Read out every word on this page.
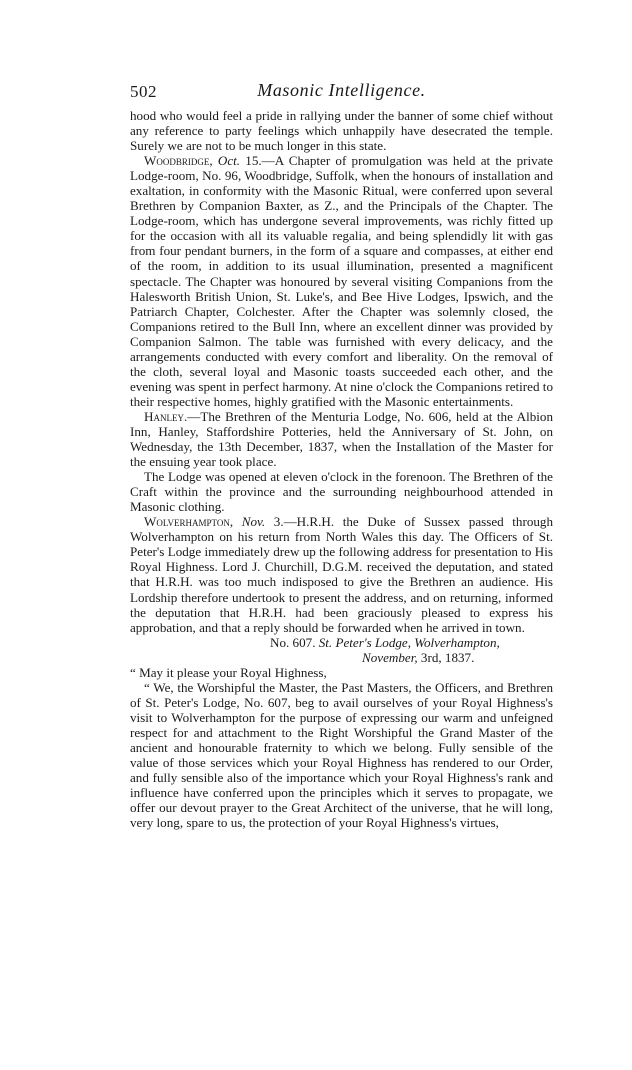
502	Masonic Intelligence.

hood who would feel a pride in rallying under the banner of some chief without any reference to party feelings which unhappily have desecrated the temple. Surely we are not to be much longer in this state.

Woodbridge, Oct. 15.—A Chapter of promulgation was held at the private Lodge-room, No. 96, Woodbridge, Suffolk, when the honours of installation and exaltation, in conformity with the Masonic Ritual, were conferred upon several Brethren by Companion Baxter, as Z., and the Principals of the Chapter. The Lodge-room, which has undergone several improvements, was richly fitted up for the occasion with all its valuable regalia, and being splendidly lit with gas from four pendant burners, in the form of a square and compasses, at either end of the room, in addition to its usual illumination, presented a magnificent spectacle. The Chapter was honoured by several visiting Companions from the Halesworth British Union, St. Luke's, and Bee Hive Lodges, Ipswich, and the Patriarch Chapter, Colchester. After the Chapter was solemnly closed, the Companions retired to the Bull Inn, where an excellent dinner was provided by Companion Salmon. The table was furnished with every delicacy, and the arrangements conducted with every comfort and liberality. On the removal of the cloth, several loyal and Masonic toasts succeeded each other, and the evening was spent in perfect harmony. At nine o'clock the Companions retired to their respective homes, highly gratified with the Masonic entertainments.

Hanley.—The Brethren of the Menturia Lodge, No. 606, held at the Albion Inn, Hanley, Staffordshire Potteries, held the Anniversary of St. John, on Wednesday, the 13th December, 1837, when the Installation of the Master for the ensuing year took place.

The Lodge was opened at eleven o'clock in the forenoon. The Brethren of the Craft within the province and the surrounding neighbourhood attended in Masonic clothing.

Wolverhampton, Nov. 3.—H.R.H. the Duke of Sussex passed through Wolverhampton on his return from North Wales this day. The Officers of St. Peter's Lodge immediately drew up the following address for presentation to His Royal Highness. Lord J. Churchill, D.G.M. received the deputation, and stated that H.R.H. was too much indisposed to give the Brethren an audience. His Lordship therefore undertook to present the address, and on returning, informed the deputation that H.R.H. had been graciously pleased to express his approbation, and that a reply should be forwarded when he arrived in town.

No. 607. St. Peter's Lodge, Wolverhampton,

November, 3rd, 1837.

“ May it please your Royal Highness,

“ We, the Worshipful the Master, the Past Masters, the Officers, and Brethren of St. Peter's Lodge, No. 607, beg to avail ourselves of your Royal Highness's visit to Wolverhampton for the purpose of expressing our warm and unfeigned respect for and attachment to the Right Worshipful the Grand Master of the ancient and honourable fraternity to which we belong. Fully sensible of the value of those services which your Royal Highness has rendered to our Order, and fully sensible also of the importance which your Royal Highness's rank and influence have conferred upon the principles which it serves to propagate, we offer our devout prayer to the Great Architect of the universe, that he will long, very long, spare to us, the protection of your Royal Highness's virtues,
